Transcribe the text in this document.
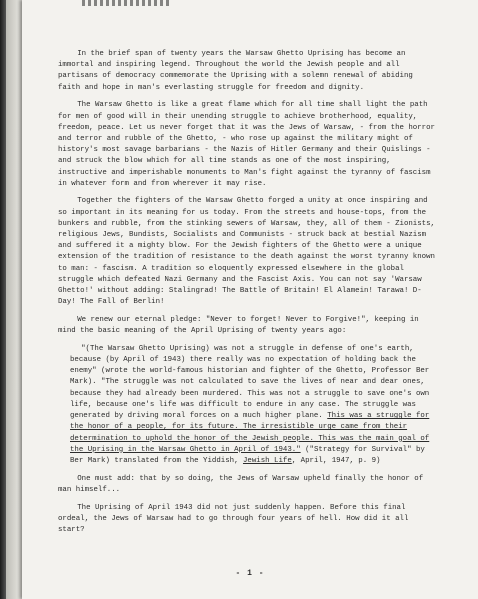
In the brief span of twenty years the Warsaw Ghetto Uprising has become an immortal and inspiring legend. Throughout the world the Jewish people and all partisans of democracy commemorate the Uprising with a solemn renewal of abiding faith and hope in man's everlasting struggle for freedom and dignity.

The Warsaw Ghetto is like a great flame which for all time shall light the path for men of good will in their unending struggle to achieve brotherhood, equality, freedom, peace. Let us never forget that it was the Jews of Warsaw, - from the horror and terror and rubble of the Ghetto, - who rose up against the military might of history's most savage barbarians - the Nazis of Hitler Germany and their Quislings - and struck the blow which for all time stands as one of the most inspiring, instructive and imperishable monuments to Man's fight against the tyranny of fascism in whatever form and from wherever it may rise.

Together the fighters of the Warsaw Ghetto forged a unity at once inspiring and so important in its meaning for us today. From the streets and house-tops, from the bunkers and rubble, from the stinking sewers of Warsaw, they, all of them - Zionists, religious Jews, Bundists, Socialists and Communists - struck back at bestial Nazism and suffered it a mighty blow. For the Jewish fighters of the Ghetto were a unique extension of the tradition of resistance to the death against the worst tyranny known to man: - fascism. A tradition so eloquently expressed elsewhere in the global struggle which defeated Nazi Germany and the Fascist Axis. You can not say 'Warsaw Ghetto!' without adding: Stalingrad! The Battle of Britain! El Alamein! Tarawa! D-Day! The Fall of Berlin!

We renew our eternal pledge: "Never to forget! Never to Forgive!", keeping in mind the basic meaning of the April Uprising of twenty years ago:

"(The Warsaw Ghetto Uprising) was not a struggle in defense of one's earth, because (by April of 1943) there really was no expectation of holding back the enemy" (wrote the world-famous historian and fighter of the Ghetto, Professor Ber Mark). "The struggle was not calculated to save the lives of near and dear ones, because they had already been murdered. This was not a struggle to save one's own life, because one's life was difficult to endure in any case. The struggle was generated by driving moral forces on a much higher plane. This was a struggle for the honor of a people, for its future. The irresistible urge came from their determination to uphold the honor of the Jewish people. This was the main goal of the Uprising in the Warsaw Ghetto in April of 1943." ("Strategy for Survival" by Ber Mark) translated from the Yiddish, Jewish Life, April, 1947, p. 9)

One must add: that by so doing, the Jews of Warsaw upheld finally the honor of man himself...

The Uprising of April 1943 did not just suddenly happen. Before this final ordeal, the Jews of Warsaw had to go through four years of hell. How did it all start?

- 1 -
